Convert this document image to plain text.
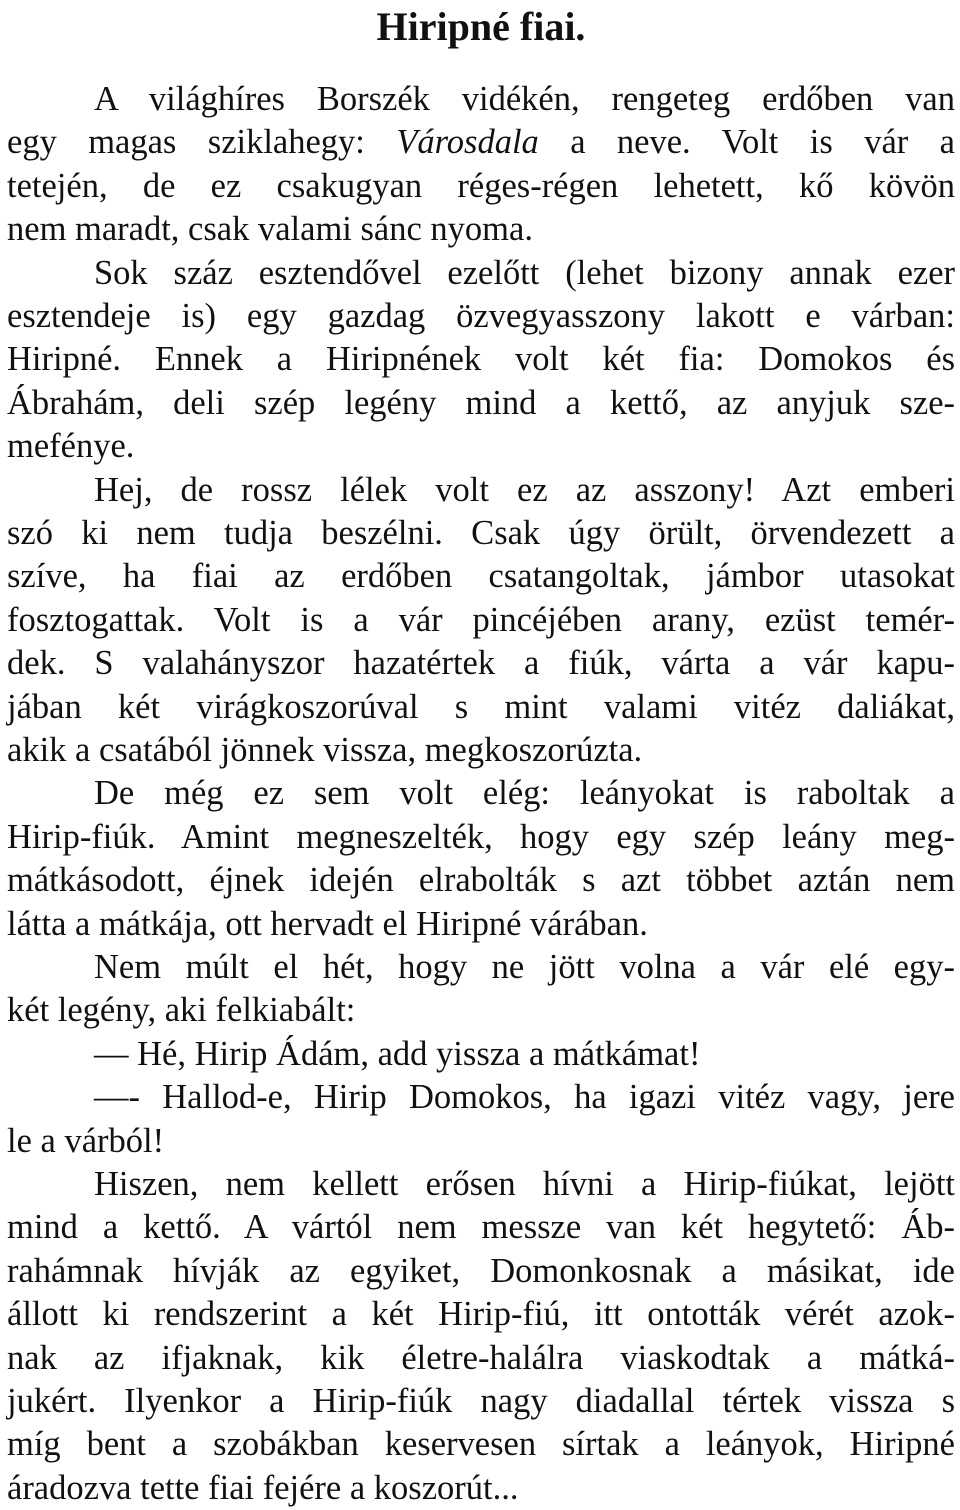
Hiripné fiai.
A világhíres Borszék vidékén, rengeteg erdőben van
egy magas sziklahegy: Városdala a neve. Volt is vár a
tetején, de ez csakugyan réges-régen lehetett, kő kövön
nem maradt, csak valami sánc nyoma.
Sok száz esztendővel ezelőtt (lehet bizony annak ezer
esztendeje is) egy gazdag özvegyasszony lakott e várban:
Hiripné. Ennek a Hiripnének volt két fia: Domokos és
Ábrahám, deli szép legény mind a kettő, az anyjuk sze-
mefénye.
Hej, de rossz lélek volt ez az asszony! Azt emberi
szó ki nem tudja beszélni. Csak úgy örült, örvendezett a
szíve, ha fiai az erdőben csatangoltak, jámbor utasokat
fosztogattak. Volt is a vár pincéjében arany, ezüst temér-
dek. S valahányszor hazatértek a fiúk, várta a vár kapu-
jában két virágkoszorúval s mint valami vitéz daliákat,
akik a csatából jönnek vissza, megkoszorúzta.
De még ez sem volt elég: leányokat is raboltak a
Hirip-fiúk. Amint megneszelték, hogy egy szép leány meg-
mátkásodott, éjnek idején elrabolták s azt többet aztán nem
látta a mátkája, ott hervadt el Hiripné várában.
Nem múlt el hét, hogy ne jött volna a vár elé egy-
két legény, aki felkiabált:
— Hé, Hirip Ádám, add yissza a mátkámat!
—- Hallod-e, Hirip Domokos, ha igazi vitéz vagy, jere
le a várból!
Hiszen, nem kellett erősen hívni a Hirip-fiúkat, lejött
mind a kettő. A vártól nem messze van két hegytető: Áb-
rahámnak hívják az egyiket, Domonkosnak a másikat, ide
állott ki rendszerint a két Hirip-fiú, itt ontották vérét azok-
nak az ifjaknak, kik életre-halálra viaskodtak a mátká-
jukért. Ilyenkor a Hirip-fiúk nagy diadallal tértek vissza s
míg bent a szobákban keservesen sírtak a leányok, Hiripné
áradozva tette fiai fejére a koszorút...
